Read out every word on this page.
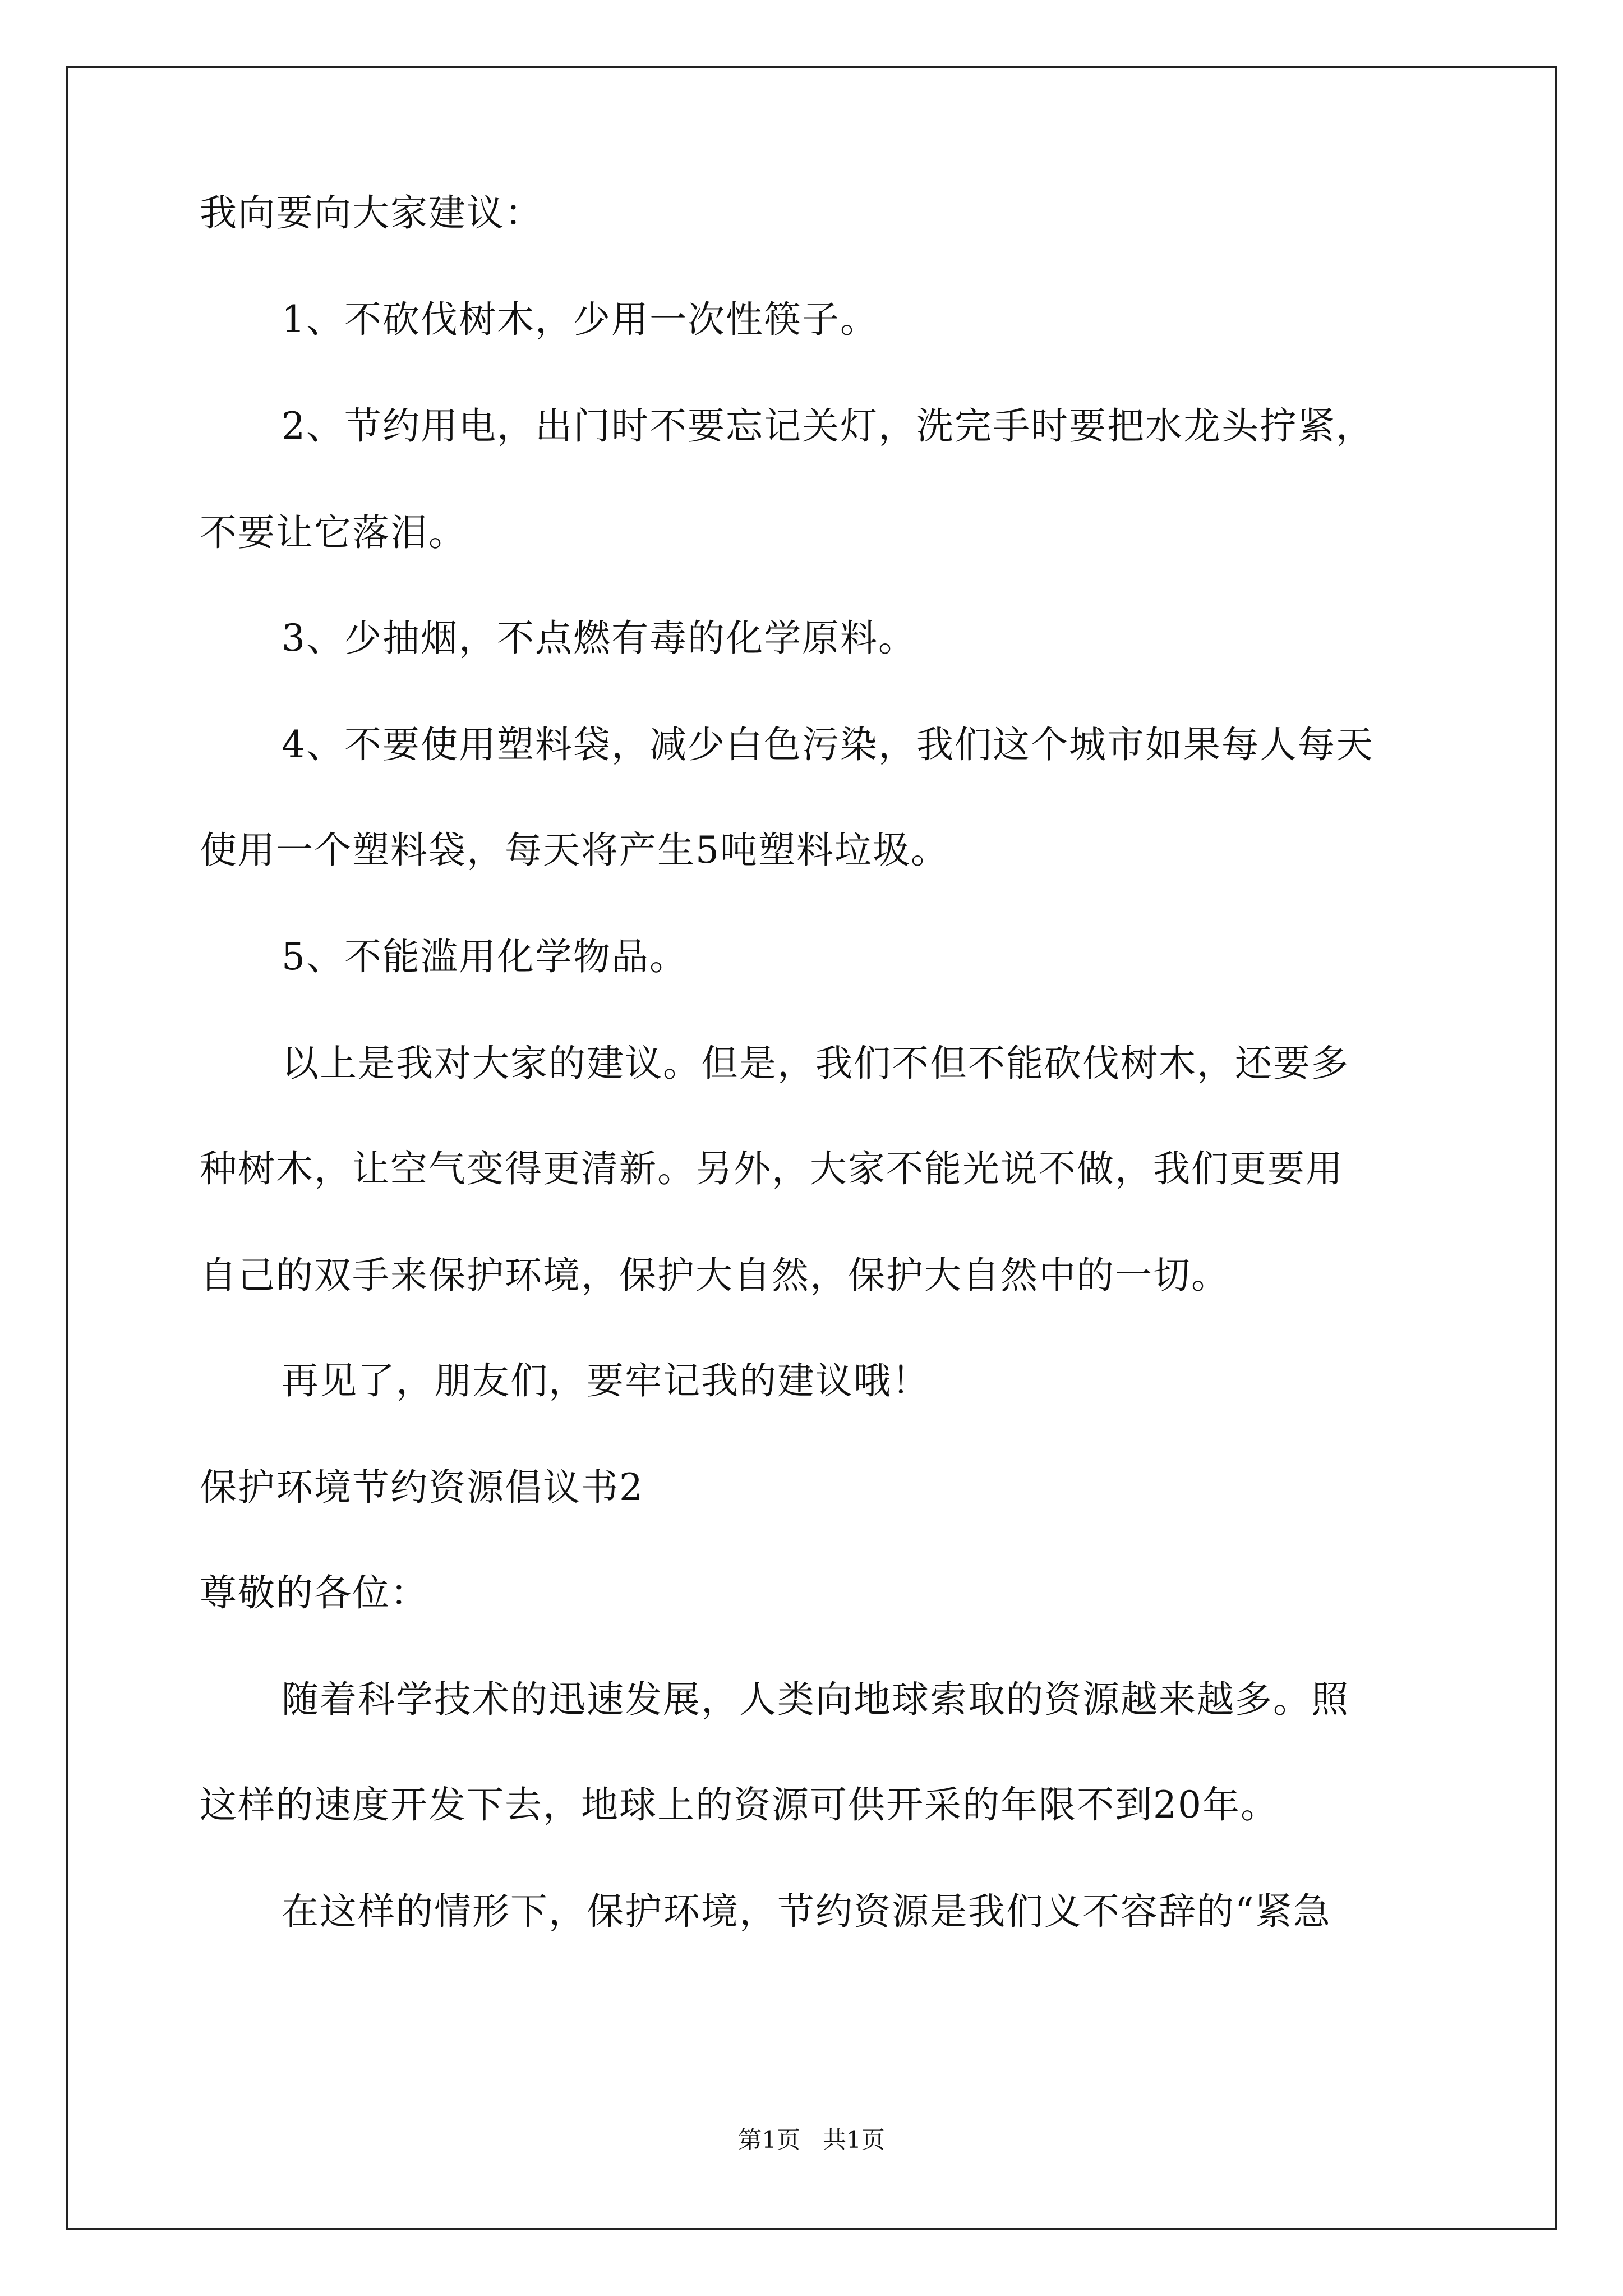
我向要向大家建议：
1、不砍伐树木，少用一次性筷子。
2、节约用电，出门时不要忘记关灯，洗完手时要把水龙头拧紧，
不要让它落泪。
3、少抽烟，不点燃有毒的化学原料。
4、不要使用塑料袋，减少白色污染，我们这个城市如果每人每天
使用一个塑料袋，每天将产生5吨塑料垃圾。
5、不能滥用化学物品。
以上是我对大家的建议。但是，我们不但不能砍伐树木，还要多
种树木，让空气变得更清新。另外，大家不能光说不做，我们更要用
自己的双手来保护环境，保护大自然，保护大自然中的一切。
再见了，朋友们，要牢记我的建议哦！
保护环境节约资源倡议书2
尊敬的各位：
随着科学技术的迅速发展，人类向地球索取的资源越来越多。照
这样的速度开发下去，地球上的资源可供开采的年限不到20年。
在这样的情形下，保护环境，节约资源是我们义不容辞的“紧急
第1页   共1页
